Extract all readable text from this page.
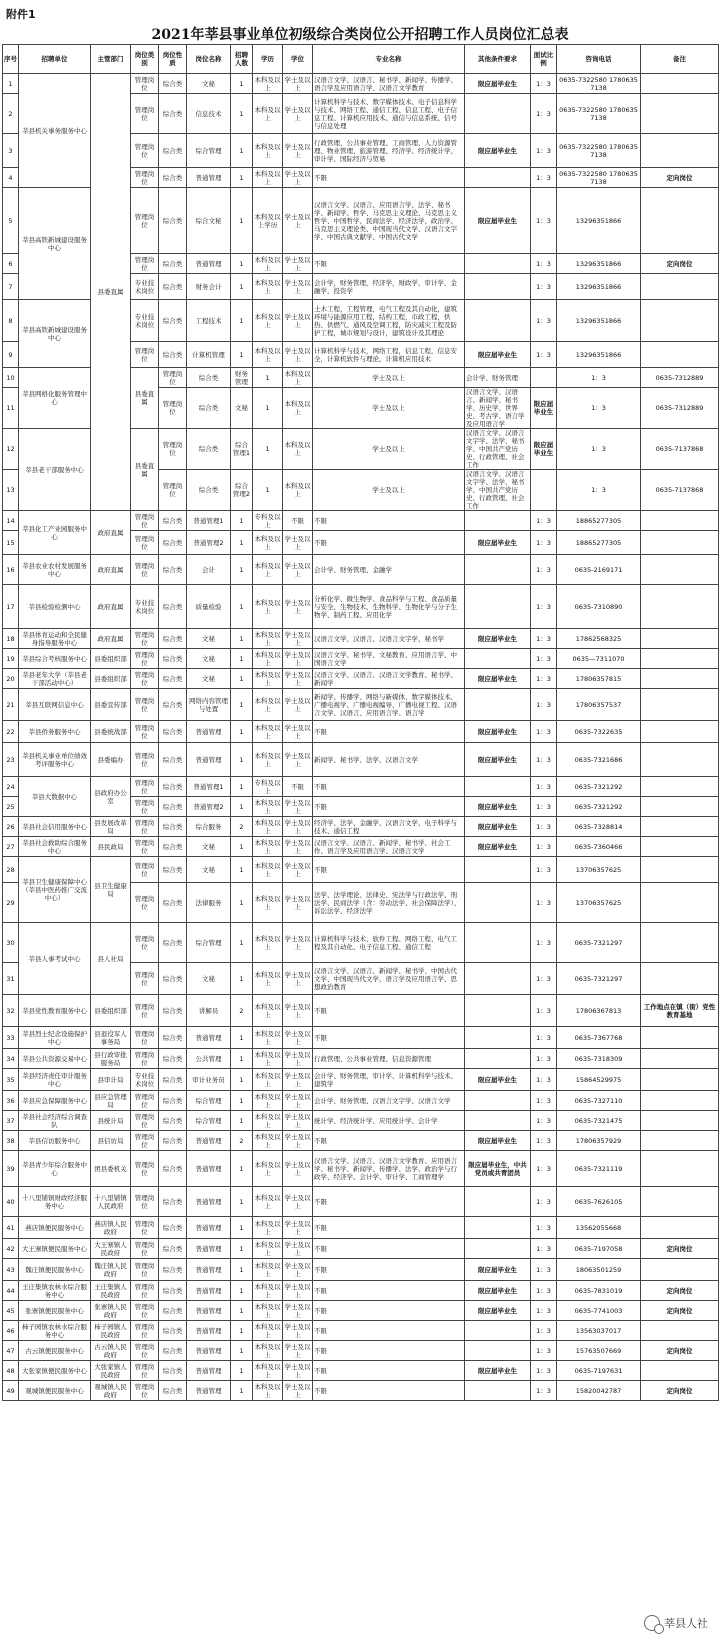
附件1
2021年莘县事业单位初级综合类岗位公开招聘工作人员岗位汇总表
序号	招聘单位	主管部门	岗位类别	岗位性质	岗位名称	招聘人数	学历	学位	专业名称	其他条件要求	面试比例	咨询电话	备注	
1	莘县机关事务服务中心	县委直属	管理岗位	综合类	文秘	1	本科及以上	学士及以上	汉语言文学、汉语言、秘书学、新闻学、传播学、语言学及应用语言学、汉语言文学教育	限应届毕业生	1：3	0635-7322580 17806357138		
2			管理岗位	综合类	信息技术	1	本科及以上	学士及以上	计算机科学与技术、数字媒体技术、电子信息科学与技术、网络工程、通信工程、信息工程、电子信息工程、计算机应用技术、通信与信息系统、信号与信息处理		1：3	0635-7322580 17806357138		
3			管理岗位	综合类	综合管理	1	本科及以上	学士及以上	行政管理、公共事业管理、工商管理、人力资源管理、物业管理、旅游管理、经济学、经济统计学、审计学、国际经济与贸易	限应届毕业生	1：3	0635-7322580 17806357138		
4			管理岗位	综合类	普通管理	1	本科及以上	学士及以上	不限		1：3	0635-7322580 17806357138	定向岗位	
5	莘县高铁新城建设服务中心		管理岗位	综合类	综合文秘	1	本科及以上学历	学士及以上	汉语言文学、汉语言、应用语言学、法学、秘书学、新闻学、哲学、马克思主义理论、马克思主义哲学、中国哲学、民商法学、经济法学、政治学、马克思主义理论类、中国现当代文学、汉语言文字学、中国古典文献学、中国古代文学	限应届毕业生	1：3	13296351866		
6			管理岗位	综合类	普通管理	1	本科及以上	学士及以上	不限		1：3	13296351866	定向岗位	
7			专业技术岗位	综合类	财务会计	1	本科及以上	学士及以上	会计学，财务管理，经济学，财政学，审计学，金融学，投资学		1：3	13296351866		
8	莘县高铁新城建设服务中心		专业技术岗位	综合类	工程技术	1	本科及以上	学士及以上	土木工程，工程管理，电气工程及其自动化，建筑环境与能源应用工程，结构工程，市政工程，供热、供燃气、通风及空调工程，防灾减灾工程及防护工程，城市规划与设计，建筑设计及其理论		1：3	13296351866		
9			管理岗位	综合类	计算机管理	1	本科及以上	学士及以上	计算机科学与技术，网络工程，信息工程，信息安全，计算机软件与理论，计算机应用技术	限应届毕业生	1：3	13296351866		
10	莘县网格化服务管理中心		县委直属	管理岗位	综合类	财务管理	1	本科及以上	学士及以上	会计学、财务管理		1：3	0635-7312889	
11				管理岗位	综合类	文秘	1	本科及以上	学士及以上	汉语言文学、汉语言、新闻学、秘书学、历史学、世界史、考古学、语言学及应用语言学	限应届毕业生	1：3	0635-7312889	
12	莘县老干部服务中心		县委直属	管理岗位	综合类	综合管理1	1	本科及以上	学士及以上	汉语言文学、汉语言文字学、法学、秘书学、中国共产党历史、行政管理、社会工作	限应届毕业生	1：3	0635-7137868	
13				管理岗位	综合类	综合管理2	1	本科及以上	学士及以上	汉语言文学、汉语言文字学、法学、秘书学、中国共产党历史、行政管理、社会工作		1：3	0635-7137868	
14	莘县化工产业园服务中心	政府直属	管理岗位	综合类	普通管理1	1	专科及以上	不限	不限		1：3	18865277305		
15			管理岗位	综合类	普通管理2	1	本科及以上	学士及以上	不限	限应届毕业生	1：3	18865277305		
16	莘县农业农村发展服务中心	政府直属	管理岗位	综合类	会计	1	本科及以上	学士及以上	会计学、财务管理、金融学		1：3	0635-2169171		
17	莘县检验检测中心	政府直属	专业技术岗位	综合类	质量检验	1	本科及以上	学士及以上	分析化学、微生物学、食品科学与工程、食品质量与安全、生物技术、生物科学、生物化学与分子生物学、制药工程、应用化学		1：3	0635-7310890		
18	莘县体育运动和全民健身指导服务中心	政府直属	管理岗位	综合类	文秘	1	本科及以上	学士及以上	汉语言文学、汉语言、汉语言文字学、秘书学	限应届毕业生	1：3	17862568325		
19	莘县综合考核服务中心	县委组织部	管理岗位	综合类	文秘	1	本科及以上	学士及以上	汉语言文学、秘书学、文秘教育、应用语言学、中国语言文学		1：3	0635—7311070		
20	莘县老年大学（莘县老干部活动中心）	县委组织部	管理岗位	综合类	文秘	1	本科及以上	学士及以上	汉语言文学、汉语言、汉语言文学教育、秘书学、新闻学	限应届毕业生	1：3	17806357815		
21	莘县互联网信息中心	县委宣传部	管理岗位	综合类	网络内容管理与处置	1	本科及以上	学士及以上	新闻学、传播学、网络与新媒体、数字媒体技术、广播电视学、广播电视编导、广播电视工程、汉语言文学、汉语言、应用语言学、语言学		1：3	17806357537		
22	莘县侨务服务中心	县委统战部	管理岗位	综合类	普通管理	1	本科及以上	学士及以上	不限	限应届毕业生	1：3	0635-7322635		
23	莘县机关事业单位绩效考评服务中心	县委编办	管理岗位	综合类	普通管理	1	本科及以上	学士及以上	新闻学、秘书学、法学、汉语言文学	限应届毕业生	1：3	0635-7321686		
24	莘县大数据中心	县政府办公室	管理岗位	综合类	普通管理1	1	专科及以上	不限	不限		1：3	0635-7321292		
25			管理岗位	综合类	普通管理2	1	本科及以上	学士及以上	不限	限应届毕业生	1：3	0635-7321292		
26	莘县社会信用服务中心	县发展改革局	管理岗位	综合类	综合服务	2	本科及以上	学士及以上	经济学、法学、金融学、汉语言文学、电子科学与技术、通信工程	限应届毕业生	1：3	0635-7328814		
27	莘县社会救助综合服务中心	县民政局	管理岗位	综合类	文秘	1	本科及以上	学士及以上	汉语言文学、汉语言、新闻学、秘书学、社会工作、语言学及应用语言学、汉语言文学	限应届毕业生	1：3	0635-7360466		
28	莘县卫生健康保障中心（莘县中医药推广交流中心）	县卫生健康局	管理岗位	综合类	文秘	1	本科及以上	学士及以上	不限		1：3	13706357625		
29			管理岗位	综合类	法律服务	1	本科及以上	学士及以上	法学、法学理论、法律史、宪法学与行政法学、刑法学、民商法学（含：劳动法学、社会保障法学）、诉讼法学、经济法学		1：3	13706357625		
30	莘县人事考试中心	县人社局	管理岗位	综合类	综合管理	1	本科及以上	学士及以上	计算机科学与技术、软件工程、网络工程、电气工程及其自动化、电子信息工程、通信工程		1：3	0635-7321297		
31			管理岗位	综合类	文秘	1	本科及以上	学士及以上	汉语言文学、汉语言、新闻学、秘书学、中国古代文学、中国现当代文学、语言学及应用语言学、思想政治教育		1：3	0635-7321297		
32	莘县党性教育服务中心	县委组织部	管理岗位	综合类	讲解员	2	本科及以上	学士及以上	不限		1：3	17806367813	工作地点在镇（街）党性教育基地	
33	莘县烈士纪念设施保护中心	县退役军人事务局	管理岗位	综合类	普通管理	1	本科及以上	学士及以上	不限		1：3	0635-7367768		
34	莘县公共资源交易中心	县行政审批服务局	管理岗位	综合类	公共管理	1	本科及以上	学士及以上	行政管理、公共事业管理、信息资源管理		1：3	0635-7318309		
35	莘县经济责任审计服务中心	县审计局	专业技术岗位	综合类	审计业务员	1	本科及以上	学士及以上	会计学、财务管理、审计学、计算机科学与技术、建筑学	限应届毕业生	1：3	15864529975		
36	莘县应急保障服务中心	县应急管理局	管理岗位	综合类	综合管理	1	本科及以上	学士及以上	会计学、财务管理、汉语言文字学、汉语言文学		1：3	0635-7327110		
37	莘县社会经济综合调查队	县统计局	管理岗位	综合类	综合管理	1	本科及以上	学士及以上	统计学、经济统计学、应用统计学、会计学		1：3	0635-7321475		
38	莘县信访服务中心	县信访局	管理岗位	综合类	普通管理	2	本科及以上	学士及以上	不限	限应届毕业生	1：3	17806357929		
39	莘县青少年综合服务中心	团县委机关	管理岗位	综合类	普通管理	1	本科及以上	学士及以上	汉语言文学、汉语言、汉语言文学教育、应用语言学、秘书学、新闻学、传播学、法学、政治学与行政学、经济学、会计学、审计学、工商管理学	限应届毕业生，中共党员或共青团员	1：3	0635-7321119		
40	十八里铺镇财政经济服务中心	十八里铺镇人民政府	管理岗位	综合类	普通管理	1	本科及以上	学士及以上	不限		1：3	0635-7626105		
41	燕店镇便民服务中心	燕店镇人民政府	管理岗位	综合类	普通管理	1	本科及以上	学士及以上	不限		1：3	13562055668		
42	大王寨镇便民服务中心	大王寨镇人民政府	管理岗位	综合类	普通管理	1	本科及以上	学士及以上	不限		1：3	0635-7197058	定向岗位	
43	魏庄镇便民服务中心	魏庄镇人民政府	管理岗位	综合类	普通管理	1	本科及以上	学士及以上	不限	限应届毕业生	1：3	18063501259		
44	王庄集镇农林水综合服务中心	王庄集镇人民政府	管理岗位	综合类	普通管理	1	本科及以上	学士及以上	不限	限应届毕业生	1：3	0635-7831019	定向岗位	
45	张寨镇便民服务中心	张寨镇人民政府	管理岗位	综合类	普通管理	1	本科及以上	学士及以上	不限	限应届毕业生	1：3	0635-7741003	定向岗位	
46	柿子园镇农林水综合服务中心	柿子园镇人民政府	管理岗位	综合类	普通管理	1	本科及以上	学士及以上	不限		1：3	13563037017		
47	古云镇便民服务中心	古云镇人民政府	管理岗位	综合类	普通管理	1	本科及以上	学士及以上	不限		1：3	15763507669	定向岗位	
48	大张家镇便民服务中心	大张家镇人民政府	管理岗位	综合类	普通管理	1	本科及以上	学士及以上	不限	限应届毕业生	1：3	0635-7197631		
49	观城镇便民服务中心	观城镇人民政府	管理岗位	综合类	普通管理	1	本科及以上	学士及以上	不限		1：3	15820042787	定向岗位	
莘县人社
